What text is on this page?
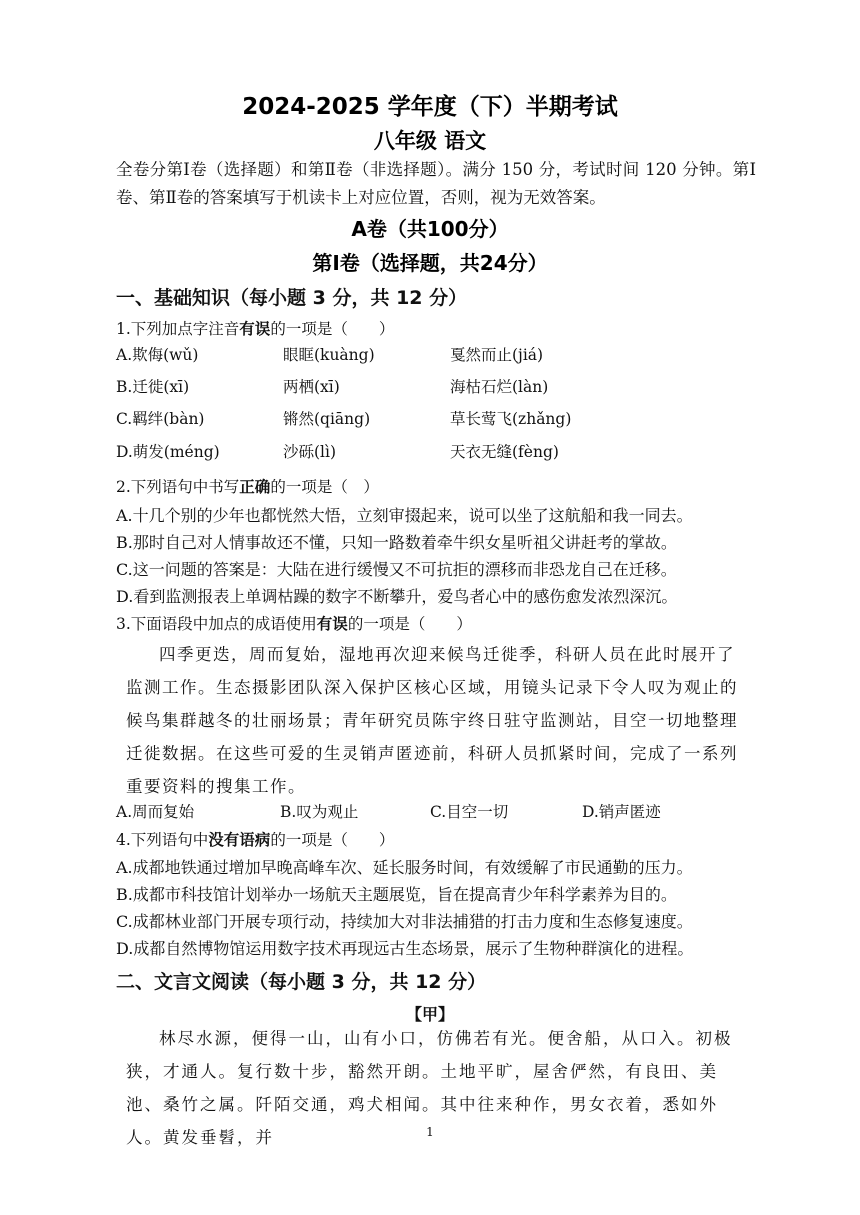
2024-2025 学年度（下）半期考试
八年级 语文
全卷分第Ⅰ卷（选择题）和第Ⅱ卷（非选择题）。满分 150 分，考试时间 120 分钟。第Ⅰ卷、第Ⅱ卷的答案填写于机读卡上对应位置，否则，视为无效答案。
A卷（共100分）
第Ⅰ卷（选择题，共24分）
一、基础知识（每小题 3 分，共 12 分）
1.下列加点字注音有误的一项是（　　）
A.欺侮(wǔ)	眼眶(kuàng)	戛然而止(jiá)
B.迁徙(xī)	两栖(xī)	海枯石烂(làn)
C.羁绊(bàn)	锵然(qiāng)	草长莺飞(zhǎng)
D.萌发(méng)	沙砾(lì)	天衣无缝(fèng)
2.下列语句中书写正确的一项是（　）
A.十几个别的少年也都恍然大悟，立刻审掇起来，说可以坐了这航船和我一同去。
B.那时自己对人情事故还不懂，只知一路数着牵牛织女星听祖父讲赶考的掌故。
C.这一问题的答案是：大陆在进行缓慢又不可抗拒的漂移而非恐龙自己在迁移。
D.看到监测报表上单调枯躁的数字不断攀升，爱鸟者心中的感伤愈发浓烈深沉。
3.下面语段中加点的成语使用有误的一项是（　　）
四季更迭，周而复始，湿地再次迎来候鸟迁徙季，科研人员在此时展开了监测工作。生态摄影团队深入保护区核心区域，用镜头记录下令人叹为观止的候鸟集群越冬的壮丽场景；青年研究员陈宇终日驻守监测站，目空一切地整理迁徙数据。在这些可爱的生灵销声匿迹前，科研人员抓紧时间，完成了一系列重要资料的搜集工作。
A.周而复始	B.叹为观止	C.目空一切	D.销声匿迹
4.下列语句中没有语病的一项是（　　）
A.成都地铁通过增加早晚高峰车次、延长服务时间，有效缓解了市民通勤的压力。
B.成都市科技馆计划举办一场航天主题展览，旨在提高青少年科学素养为目的。
C.成都林业部门开展专项行动，持续加大对非法捕猎的打击力度和生态修复速度。
D.成都自然博物馆运用数字技术再现远古生态场景，展示了生物种群演化的进程。
二、文言文阅读（每小题 3 分，共 12 分）
【甲】
林尽水源，便得一山，山有小口，仿佛若有光。便舍船，从口入。初极狭，才通人。复行数十步，豁然开朗。土地平旷，屋舍俨然，有良田、美池、桑竹之属。阡陌交通，鸡犬相闻。其中往来种作，男女衣着，悉如外人。黄发垂髫，并	1
